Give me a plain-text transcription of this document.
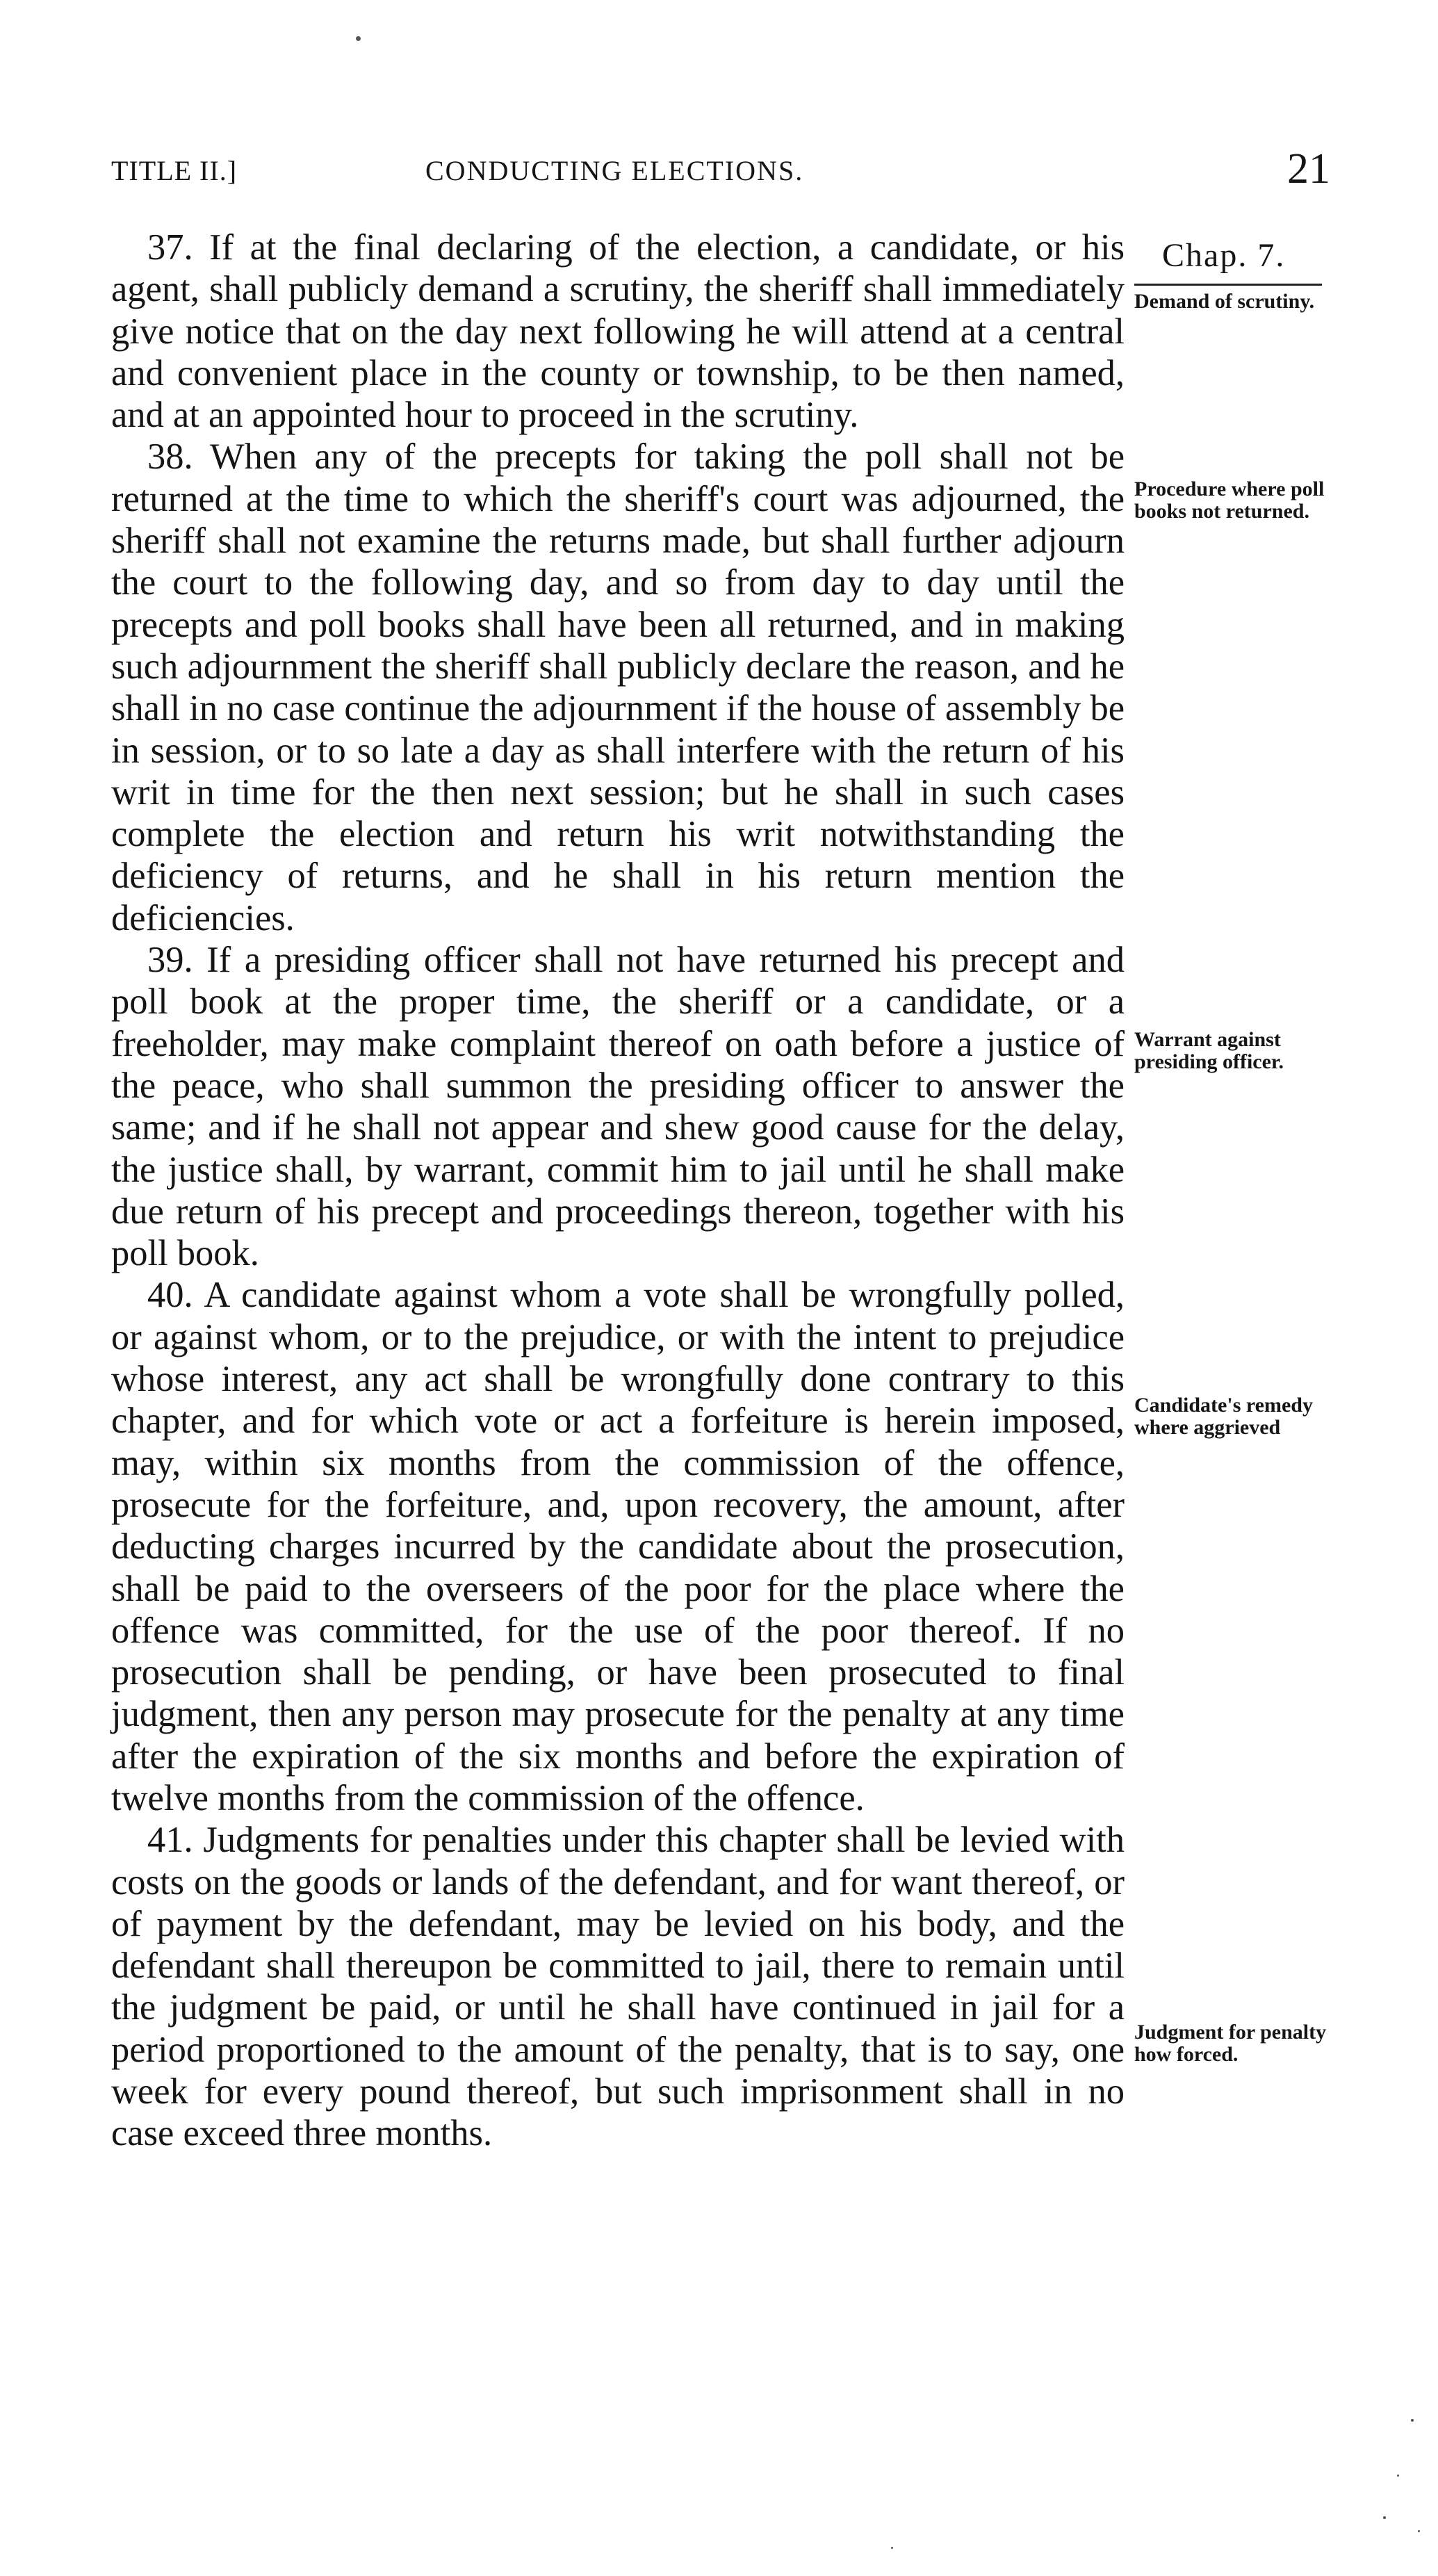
TITLE II.]	CONDUCTING ELECTIONS.	21
Chap. 7.
Demand of scrutiny.
Procedure where poll books not returned.
Warrant against presiding officer.
Candidate's remedy where aggrieved
Judgment for penalty how forced.

37. If at the final declaring of the election, a candidate, or his agent, shall publicly demand a scrutiny, the sheriff shall immediately give notice that on the day next following he will attend at a central and convenient place in the county or township, to be then named, and at an appointed hour to proceed in the scrutiny.

38. When any of the precepts for taking the poll shall not be returned at the time to which the sheriff's court was adjourned, the sheriff shall not examine the returns made, but shall further adjourn the court to the following day, and so from day to day until the precepts and poll books shall have been all returned, and in making such adjournment the sheriff shall publicly declare the reason, and he shall in no case continue the adjournment if the house of assembly be in session, or to so late a day as shall interfere with the return of his writ in time for the then next session; but he shall in such cases complete the election and return his writ notwithstanding the deficiency of returns, and he shall in his return mention the deficiencies.

39. If a presiding officer shall not have returned his precept and poll book at the proper time, the sheriff or a candidate, or a freeholder, may make complaint thereof on oath before a justice of the peace, who shall summon the presiding officer to answer the same; and if he shall not appear and shew good cause for the delay, the justice shall, by warrant, commit him to jail until he shall make due return of his precept and proceedings thereon, together with his poll book.

40. A candidate against whom a vote shall be wrongfully polled, or against whom, or to the prejudice, or with the intent to prejudice whose interest, any act shall be wrongfully done contrary to this chapter, and for which vote or act a forfeiture is herein imposed, may, within six months from the commission of the offence, prosecute for the forfeiture, and, upon recovery, the amount, after deducting charges incurred by the candidate about the prosecution, shall be paid to the overseers of the poor for the place where the offence was committed, for the use of the poor thereof. If no prosecution shall be pending, or have been prosecuted to final judgment, then any person may prosecute for the penalty at any time after the expiration of the six months and before the expiration of twelve months from the commission of the offence.

41. Judgments for penalties under this chapter shall be levied with costs on the goods or lands of the defendant, and for want thereof, or of payment by the defendant, may be levied on his body, and the defendant shall thereupon be committed to jail, there to remain until the judgment be paid, or until he shall have continued in jail for a period proportioned to the amount of the penalty, that is to say, one week for every pound thereof, but such imprisonment shall in no case exceed three months.
